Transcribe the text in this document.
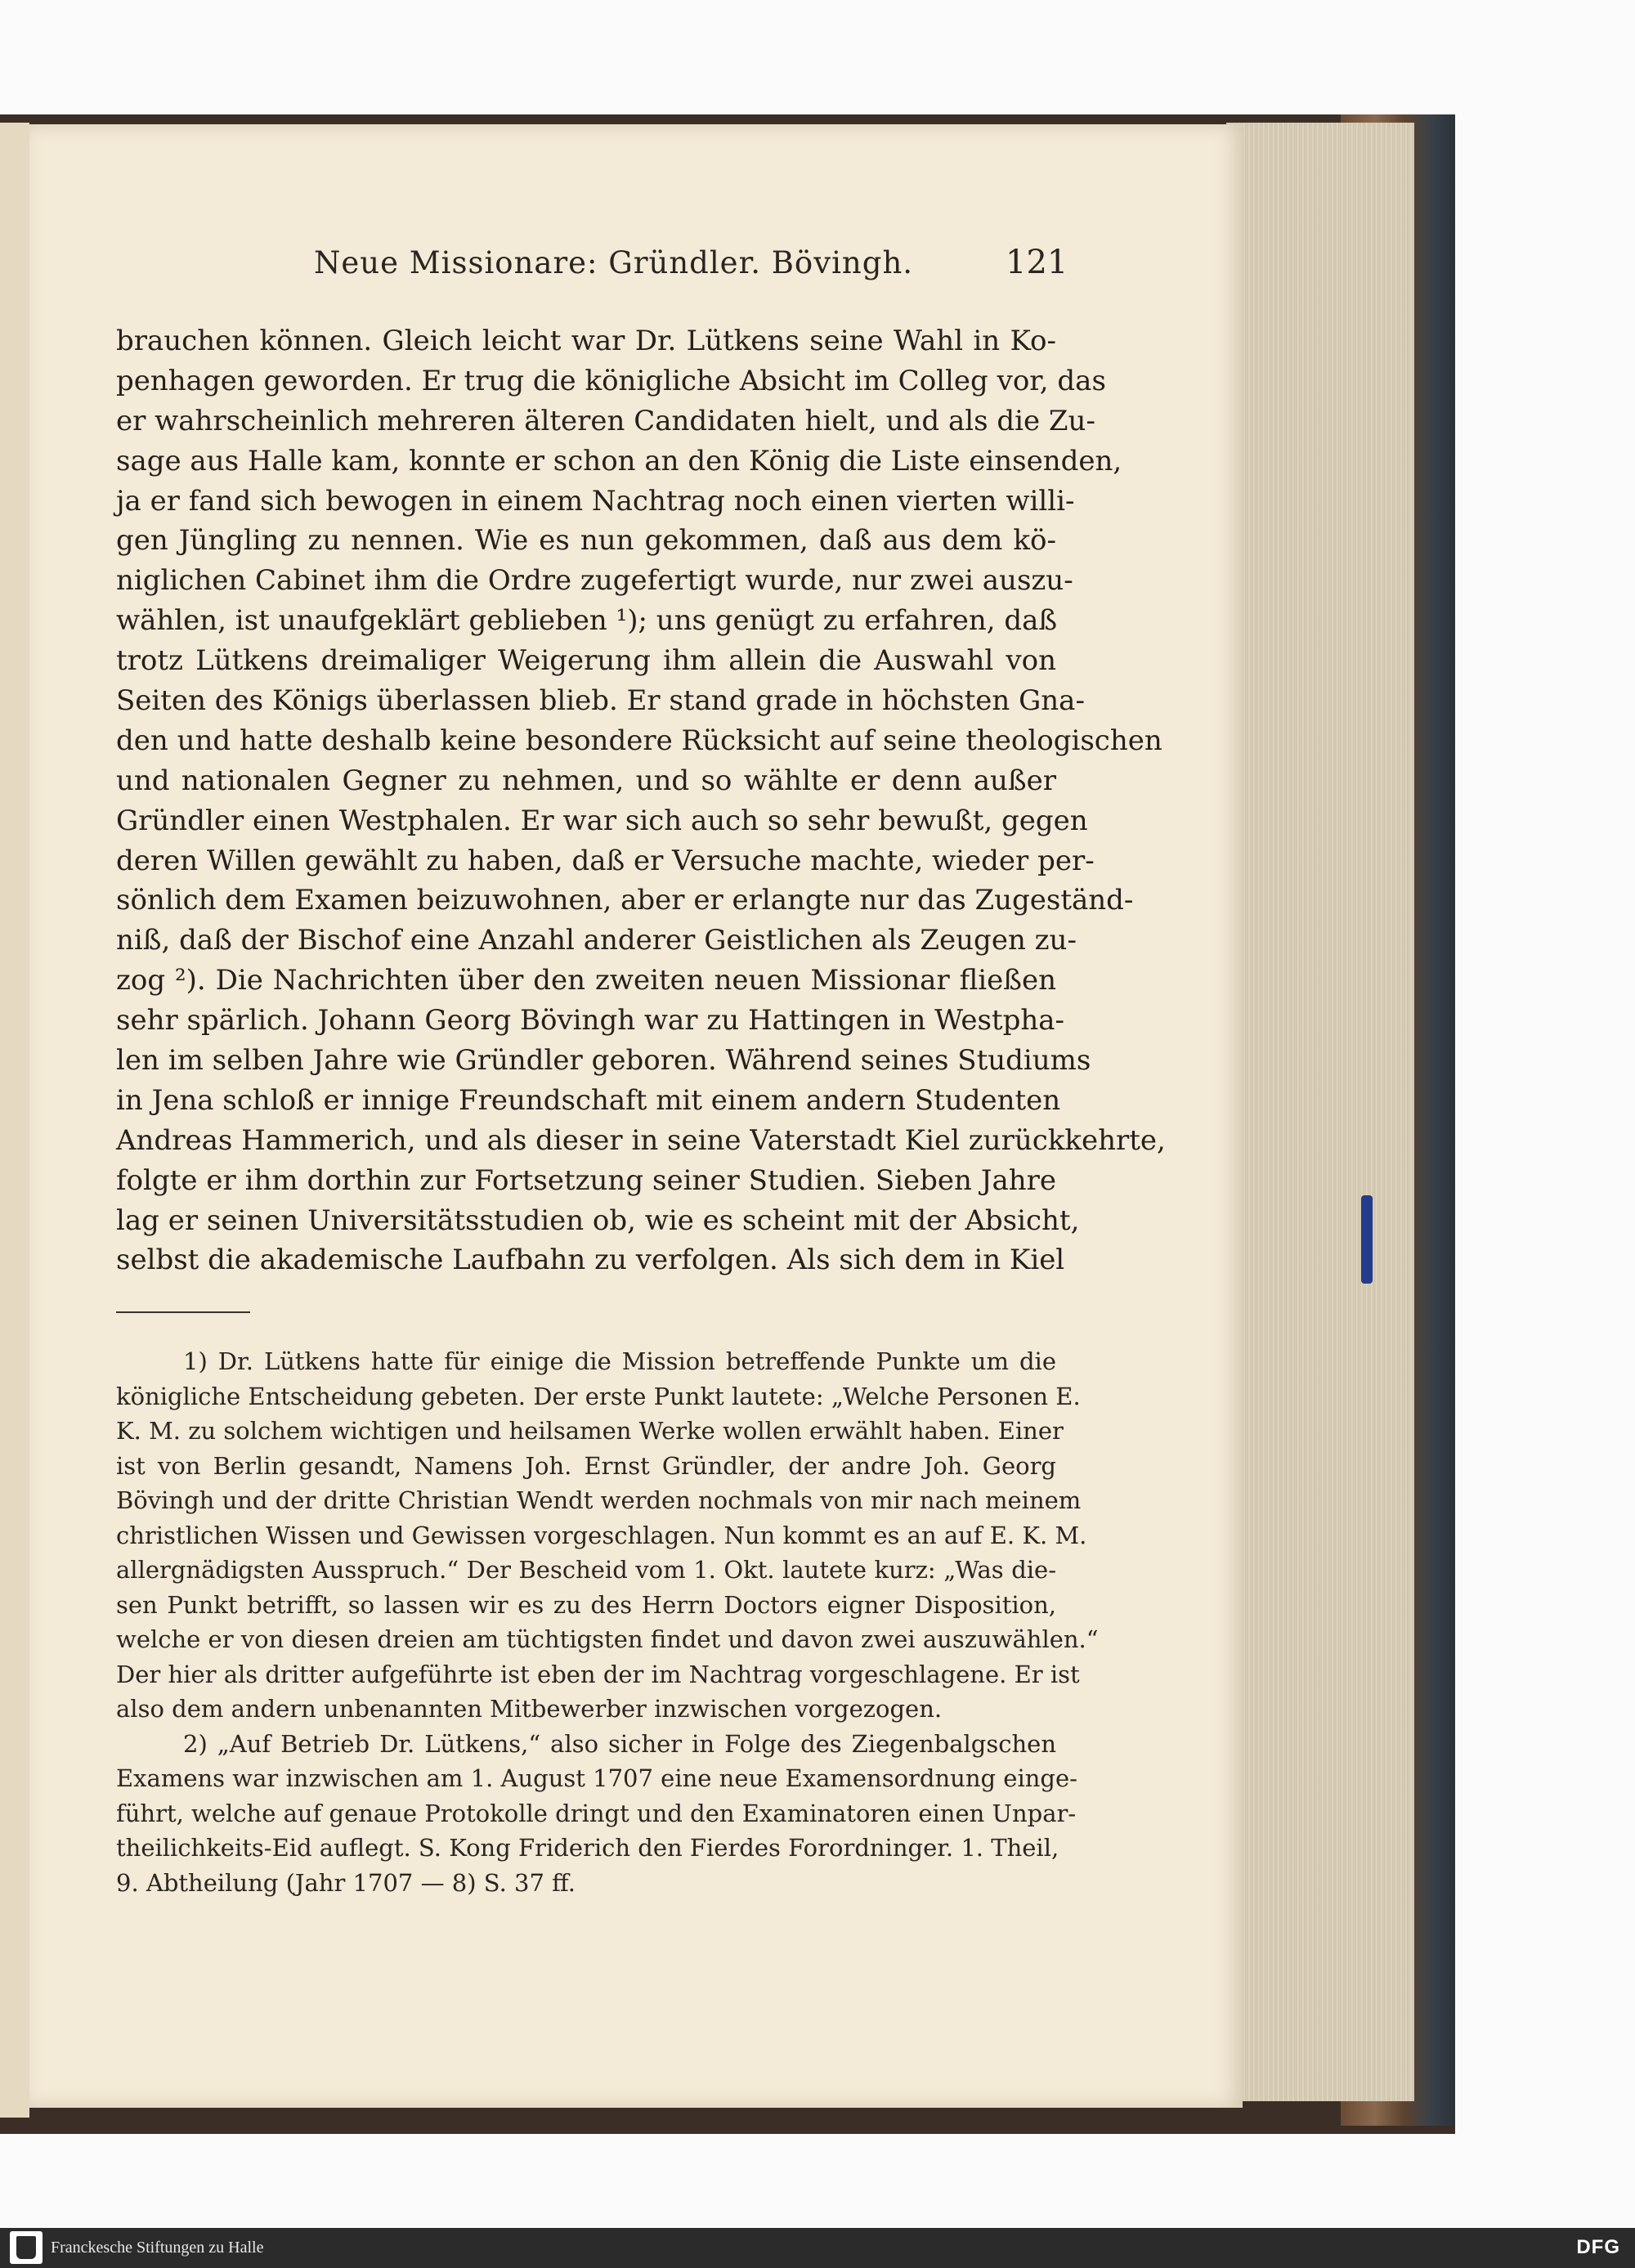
Neue Missionare: Gründler. Bövingh.	121
brauchen können. Gleich leicht war Dr. Lütkens seine Wahl in Ko-
penhagen geworden. Er trug die königliche Absicht im Colleg vor, das
er wahrscheinlich mehreren älteren Candidaten hielt, und als die Zu-
sage aus Halle kam, konnte er schon an den König die Liste einsenden,
ja er fand sich bewogen in einem Nachtrag noch einen vierten willi-
gen Jüngling zu nennen. Wie es nun gekommen, daß aus dem kö-
niglichen Cabinet ihm die Ordre zugefertigt wurde, nur zwei auszu-
wählen, ist unaufgeklärt geblieben ¹); uns genügt zu erfahren, daß
trotz Lütkens dreimaliger Weigerung ihm allein die Auswahl von
Seiten des Königs überlassen blieb. Er stand grade in höchsten Gna-
den und hatte deshalb keine besondere Rücksicht auf seine theologischen
und nationalen Gegner zu nehmen, und so wählte er denn außer
Gründler einen Westphalen. Er war sich auch so sehr bewußt, gegen
deren Willen gewählt zu haben, daß er Versuche machte, wieder per-
sönlich dem Examen beizuwohnen, aber er erlangte nur das Zugeständ-
niß, daß der Bischof eine Anzahl anderer Geistlichen als Zeugen zu-
zog ²). Die Nachrichten über den zweiten neuen Missionar fließen
sehr spärlich. Johann Georg Bövingh war zu Hattingen in Westpha-
len im selben Jahre wie Gründler geboren. Während seines Studiums
in Jena schloß er innige Freundschaft mit einem andern Studenten
Andreas Hammerich, und als dieser in seine Vaterstadt Kiel zurückkehrte,
folgte er ihm dorthin zur Fortsetzung seiner Studien. Sieben Jahre
lag er seinen Universitätsstudien ob, wie es scheint mit der Absicht,
selbst die akademische Laufbahn zu verfolgen. Als sich dem in Kiel
1) Dr. Lütkens hatte für einige die Mission betreffende Punkte um die
königliche Entscheidung gebeten. Der erste Punkt lautete: „Welche Personen E.
K. M. zu solchem wichtigen und heilsamen Werke wollen erwählt haben. Einer
ist von Berlin gesandt, Namens Joh. Ernst Gründler, der andre Joh. Georg
Bövingh und der dritte Christian Wendt werden nochmals von mir nach meinem
christlichen Wissen und Gewissen vorgeschlagen. Nun kommt es an auf E. K. M.
allergnädigsten Ausspruch.“ Der Bescheid vom 1. Okt. lautete kurz: „Was die-
sen Punkt betrifft, so lassen wir es zu des Herrn Doctors eigner Disposition,
welche er von diesen dreien am tüchtigsten findet und davon zwei auszuwählen.“
Der hier als dritter aufgeführte ist eben der im Nachtrag vorgeschlagene. Er ist
also dem andern unbenannten Mitbewerber inzwischen vorgezogen.
2) „Auf Betrieb Dr. Lütkens,“ also sicher in Folge des Ziegenbalgschen
Examens war inzwischen am 1. August 1707 eine neue Examensordnung einge-
führt, welche auf genaue Protokolle dringt und den Examinatoren einen Unpar-
theilichkeits-Eid auflegt. S. Kong Friderich den Fierdes Forordninger. 1. Theil,
9. Abtheilung (Jahr 1707 — 8) S. 37 ff.
Franckesche Stiftungen zu Halle	DFG
